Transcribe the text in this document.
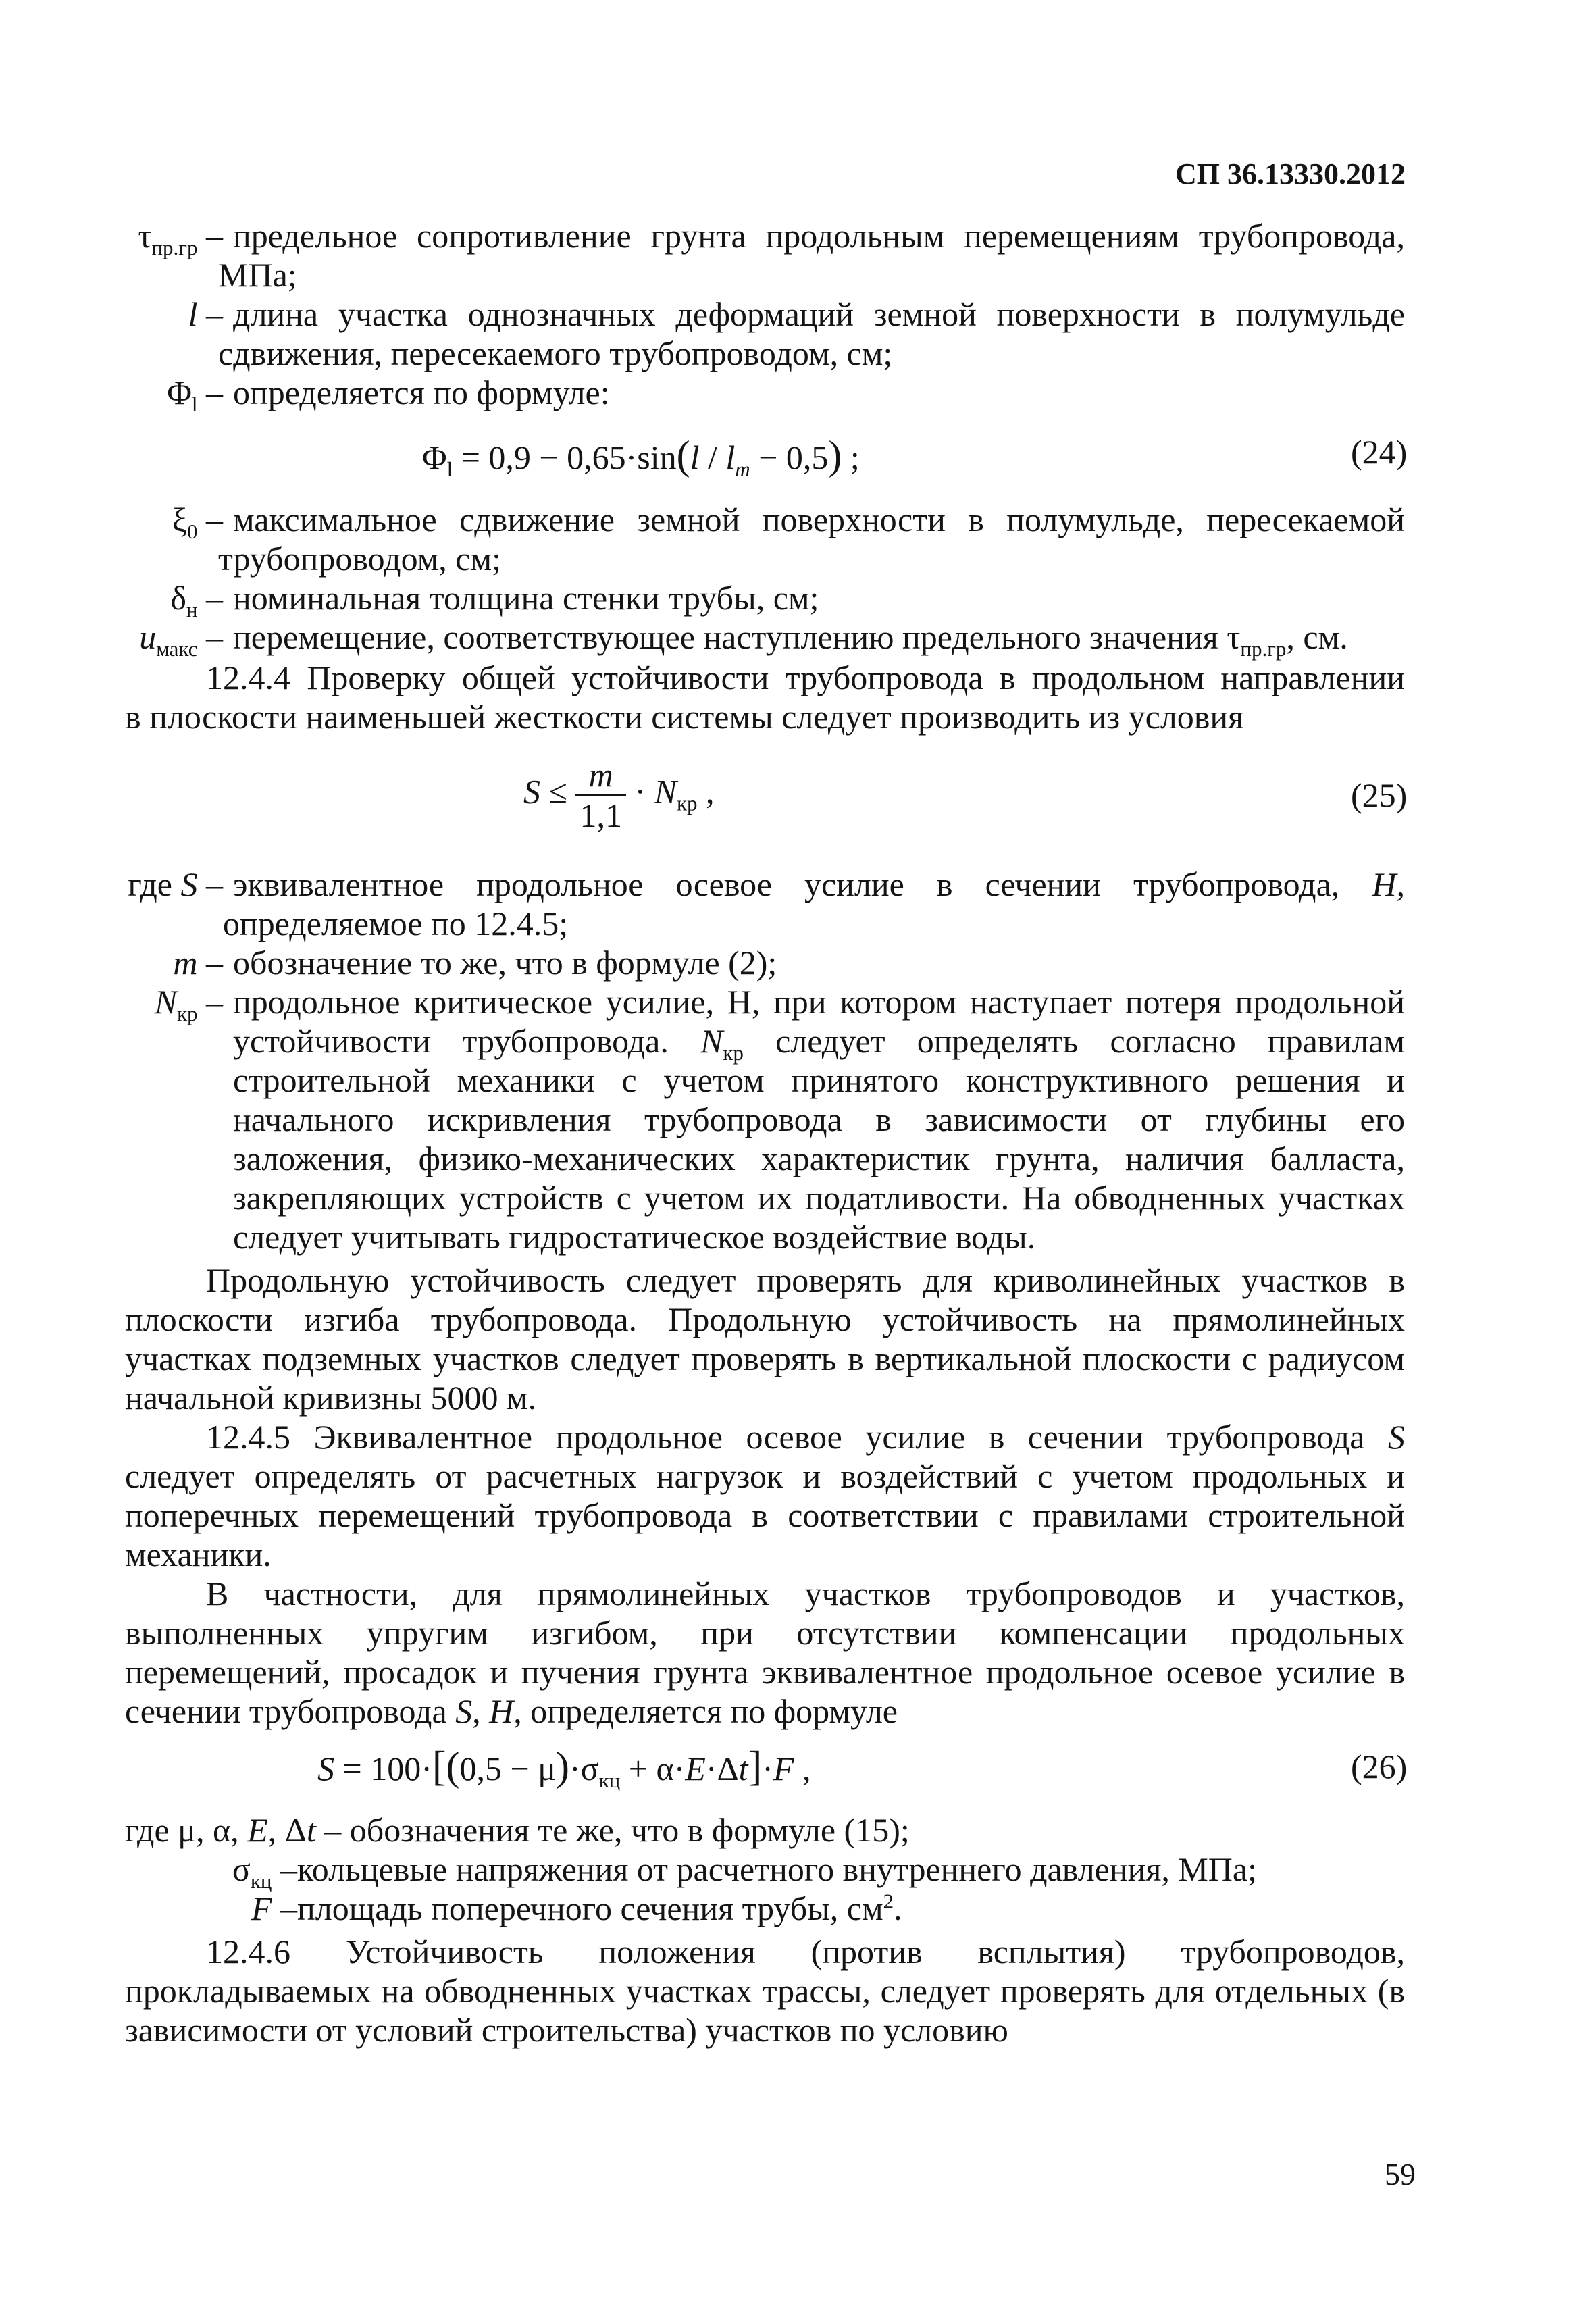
СП 36.13330.2012
$\tau_{пр.гр}$ – предельное сопротивление грунта продольным перемещениям трубопровода,
МПа;
l – длина участка однозначных деформаций земной поверхности в полумульде
сдвижения, пересекаемого трубопроводом, см;
$\Phi_l$ – определяется по формуле:
$\Phi_l = 0,9 - 0,65\cdot\sin(l / l_m - 0,5)$ ;	(24)
$\xi_0$ – максимальное сдвижение земной поверхности в полумульде, пересекаемой
трубопроводом, см;
$\delta_н$ – номинальная толщина стенки трубы, см;
$u_{макс}$ – перемещение, соответствующее наступлению предельного значения $\tau_{пр.гр}$, см.
12.4.4 Проверку общей устойчивости трубопровода в продольном направлении
в плоскости наименьшей жесткости системы следует производить из условия
$S \le \frac{m}{1,1} \cdot N_{кр}$ ,	(25)
где S – эквивалентное продольное осевое усилие в сечении трубопровода, Н,
определяемое по 12.4.5;
m – обозначение то же, что в формуле (2);
$N_{кр}$ – продольное критическое усилие, Н, при котором наступает потеря продольной
устойчивости трубопровода. $N_{кр}$ следует определять согласно правилам
строительной механики с учетом принятого конструктивного решения и
начального искривления трубопровода в зависимости от глубины его
заложения, физико-механических характеристик грунта, наличия балласта,
закрепляющих устройств с учетом их податливости. На обводненных участках
следует учитывать гидростатическое воздействие воды.
Продольную устойчивость следует проверять для криволинейных участков в
плоскости изгиба трубопровода. Продольную устойчивость на прямолинейных
участках подземных участков следует проверять в вертикальной плоскости с радиусом
начальной кривизны 5000 м.
12.4.5 Эквивалентное продольное осевое усилие в сечении трубопровода S
следует определять от расчетных нагрузок и воздействий с учетом продольных и
поперечных перемещений трубопровода в соответствии с правилами строительной
механики.
В частности, для прямолинейных участков трубопроводов и участков,
выполненных упругим изгибом, при отсутствии компенсации продольных
перемещений, просадок и пучения грунта эквивалентное продольное осевое усилие в
сечении трубопровода S, Н, определяется по формуле
$S = 100\cdot[(0,5 - \mu)\cdot\sigma_{кц} + \alpha\cdot E\cdot\Delta t]\cdot F$ ,	(26)
где μ, α, E, Δt – обозначения те же, что в формуле (15);
$\sigma_{кц}$ – кольцевые напряжения от расчетного внутреннего давления, МПа;
F – площадь поперечного сечения трубы, $см^2$.
12.4.6 Устойчивость положения (против всплытия) трубопроводов,
прокладываемых на обводненных участках трассы, следует проверять для отдельных (в
зависимости от условий строительства) участков по условию
59
